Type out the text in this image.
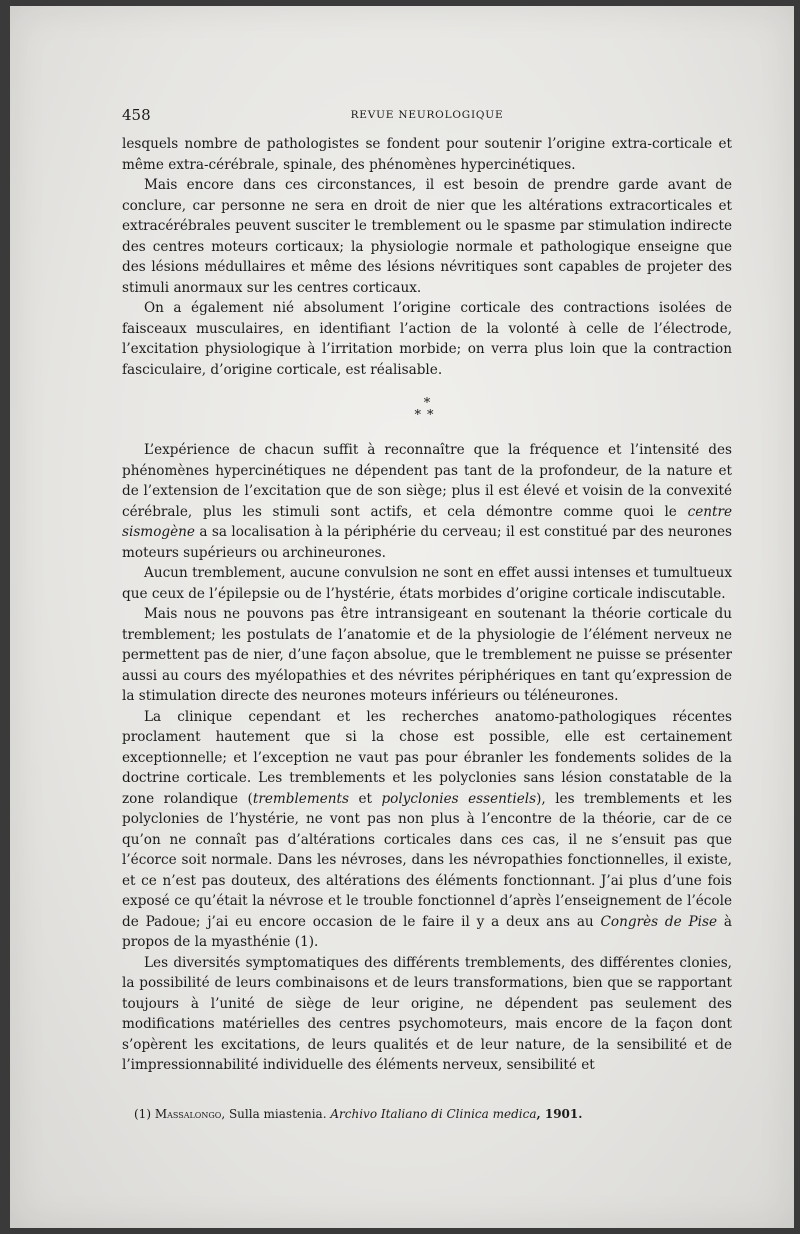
458	REVUE NEUROLOGIQUE

lesquels nombre de pathologistes se fondent pour soutenir l’origine extra-corticale et même extra-cérébrale, spinale, des phénomènes hypercinétiques.

Mais encore dans ces circonstances, il est besoin de prendre garde avant de conclure, car personne ne sera en droit de nier que les altérations extracorticales et extracérébrales peuvent susciter le tremblement ou le spasme par stimulation indirecte des centres moteurs corticaux; la physiologie normale et pathologique enseigne que des lésions médullaires et même des lésions névritiques sont capables de projeter des stimuli anormaux sur les centres corticaux.

On a également nié absolument l’origine corticale des contractions isolées de faisceaux musculaires, en identifiant l’action de la volonté à celle de l’électrode, l’excitation physiologique à l’irritation morbide; on verra plus loin que la contraction fasciculaire, d’origine corticale, est réalisable.

*
**

L’expérience de chacun suffit à reconnaître que la fréquence et l’intensité des phénomènes hypercinétiques ne dépendent pas tant de la profondeur, de la nature et de l’extension de l’excitation que de son siège; plus il est élevé et voisin de la convexité cérébrale, plus les stimuli sont actifs, et cela démontre comme quoi le centre sismogène a sa localisation à la périphérie du cerveau; il est constitué par des neurones moteurs supérieurs ou archineurones.

Aucun tremblement, aucune convulsion ne sont en effet aussi intenses et tumultueux que ceux de l’épilepsie ou de l’hystérie, états morbides d’origine corticale indiscutable.

Mais nous ne pouvons pas être intransigeant en soutenant la théorie corticale du tremblement; les postulats de l’anatomie et de la physiologie de l’élément nerveux ne permettent pas de nier, d’une façon absolue, que le tremblement ne puisse se présenter aussi au cours des myélopathies et des névrites périphériques en tant qu’expression de la stimulation directe des neurones moteurs inférieurs ou téléneurones.

La clinique cependant et les recherches anatomo-pathologiques récentes proclament hautement que si la chose est possible, elle est certainement exceptionnelle; et l’exception ne vaut pas pour ébranler les fondements solides de la doctrine corticale. Les tremblements et les polyclonies sans lésion constatable de la zone rolandique (tremblements et polyclonies essentiels), les tremblements et les polyclonies de l’hystérie, ne vont pas non plus à l’encontre de la théorie, car de ce qu’on ne connaît pas d’altérations corticales dans ces cas, il ne s’ensuit pas que l’écorce soit normale. Dans les névroses, dans les névropathies fonctionnelles, il existe, et ce n’est pas douteux, des altérations des éléments fonctionnant. J’ai plus d’une fois exposé ce qu’était la névrose et le trouble fonctionnel d’après l’enseignement de l’école de Padoue; j’ai eu encore occasion de le faire il y a deux ans au Congrès de Pise à propos de la myasthénie (1).

Les diversités symptomatiques des différents tremblements, des différentes clonies, la possibilité de leurs combinaisons et de leurs transformations, bien que se rapportant toujours à l’unité de siège de leur origine, ne dépendent pas seulement des modifications matérielles des centres psychomoteurs, mais encore de la façon dont s’opèrent les excitations, de leurs qualités et de leur nature, de la sensibilité et de l’impressionnabilité individuelle des éléments nerveux, sensibilité et

(1) Massalongo, Sulla miastenia. Archivo Italiano di Clinica medica, 1901.
